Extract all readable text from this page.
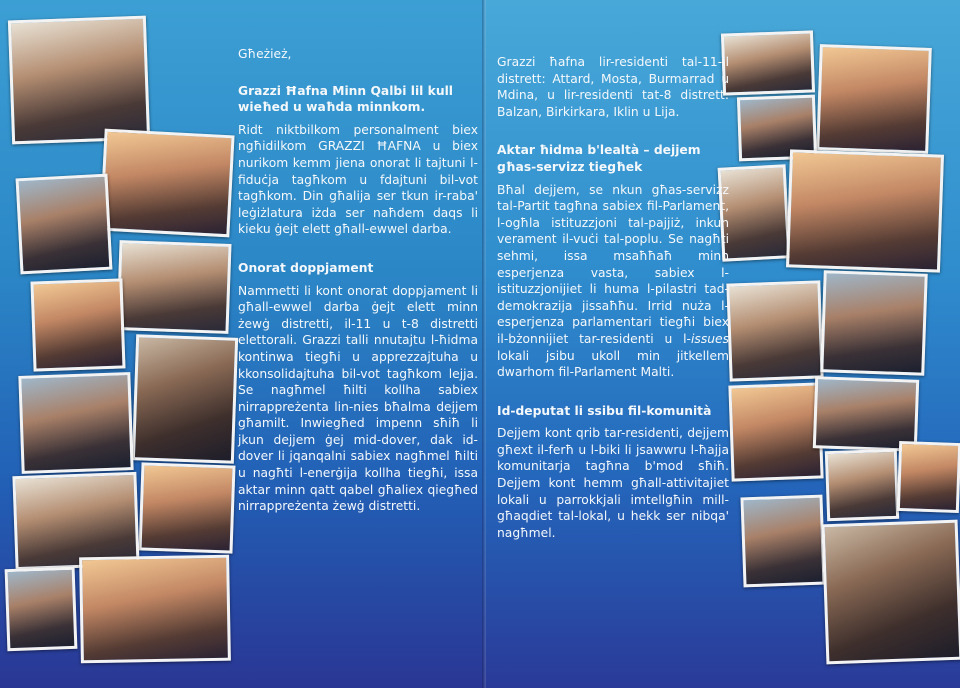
Għeżież,

Grazzi Ħafna Minn Qalbi lil kull wieħed u waħda minnkom.

Ridt niktbilkom personalment biex ngħidilkom GRAZZI ĦAFNA u biex nurikom kemm jiena onorat li tajtuni l-fiduċja tagħkom u fdajtuni bil-vot tagħkom. Din għalija ser tkun ir-raba' leġiżlatura iżda ser naħdem daqs li kieku ġejt elett għall-ewwel darba.

Onorat doppjament

Nammetti li kont onorat doppjament li għall-ewwel darba ġejt elett minn żewġ distretti, il-11 u t-8 distretti elettorali. Grazzi talli nnutajtu l-ħidma kontinwa tiegħi u apprezzajtuha u kkonsolidajtuha bil-vot tagħkom lejja. Se nagħmel ħilti kollha sabiex nirrappreżenta lin-nies bħalma dejjem għamilt. Inwiegħed impenn sħiħ li jkun dejjem ġej mid-dover, dak id-dover li jqanqalni sabiex nagħmel ħilti u nagħti l-enerġija kollha tiegħi, issa aktar minn qatt qabel għaliex qiegħed nirrappreżenta żewġ distretti.

Grazzi ħafna lir-residenti tal-11-il distrett: Attard, Mosta, Burmarrad u Mdina, u lir-residenti tat-8 distrett: Balzan, Birkirkara, Iklin u Lija.

Aktar ħidma b'lealtà – dejjem għas-servizz tiegħek

Bħal dejjem, se nkun għas-servizz tal-Partit tagħna sabiex fil-Parlament, l-ogħla istituzzjoni tal-pajjiż, inkun verament il-vuċi tal-poplu. Se nagħti sehmi, issa msaħħaħ minn esperjenza vasta, sabiex l-istituzzjonijiet li huma l-pilastri tad-demokrazija jissaħħu. Irrid nuża l-esperjenza parlamentari tiegħi biex il-bżonnijiet tar-residenti u l-issues lokali jsibu ukoll min jitkellem dwarhom fil-Parlament Malti.

Id-deputat li ssibu fil-komunità

Dejjem kont qrib tar-residenti, dejjem għext il-ferħ u l-biki li jsawwru l-ħajja komunitarja tagħna b'mod sħiħ. Dejjem kont hemm għall-attivitajiet lokali u parrokkjali imtellgħin mill-għaqdiet tal-lokal, u hekk ser nibqa' nagħmel.
